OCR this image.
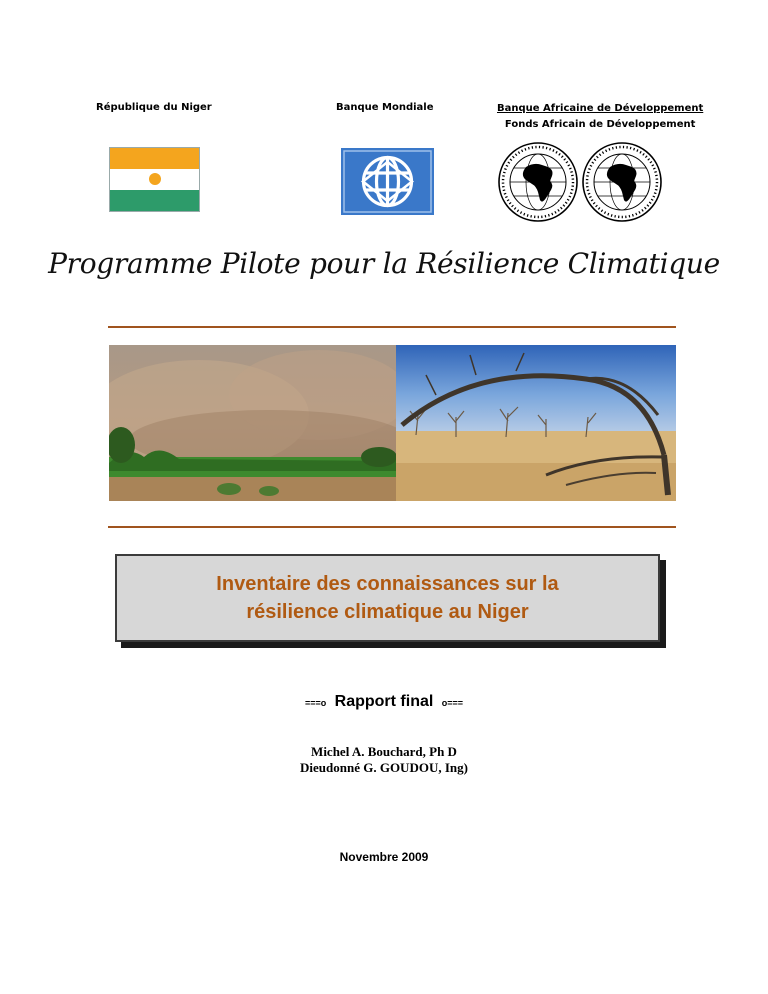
République du Niger	Banque Mondiale	Banque Africaine de Développement
Fonds Africain de Développement
Programme Pilote pour la Résilience Climatique
Inventaire des connaissances sur la
résilience climatique au Niger
===o Rapport final o===
Michel A. Bouchard, Ph D
Dieudonné G. GOUDOU, Ing)
Novembre 2009
